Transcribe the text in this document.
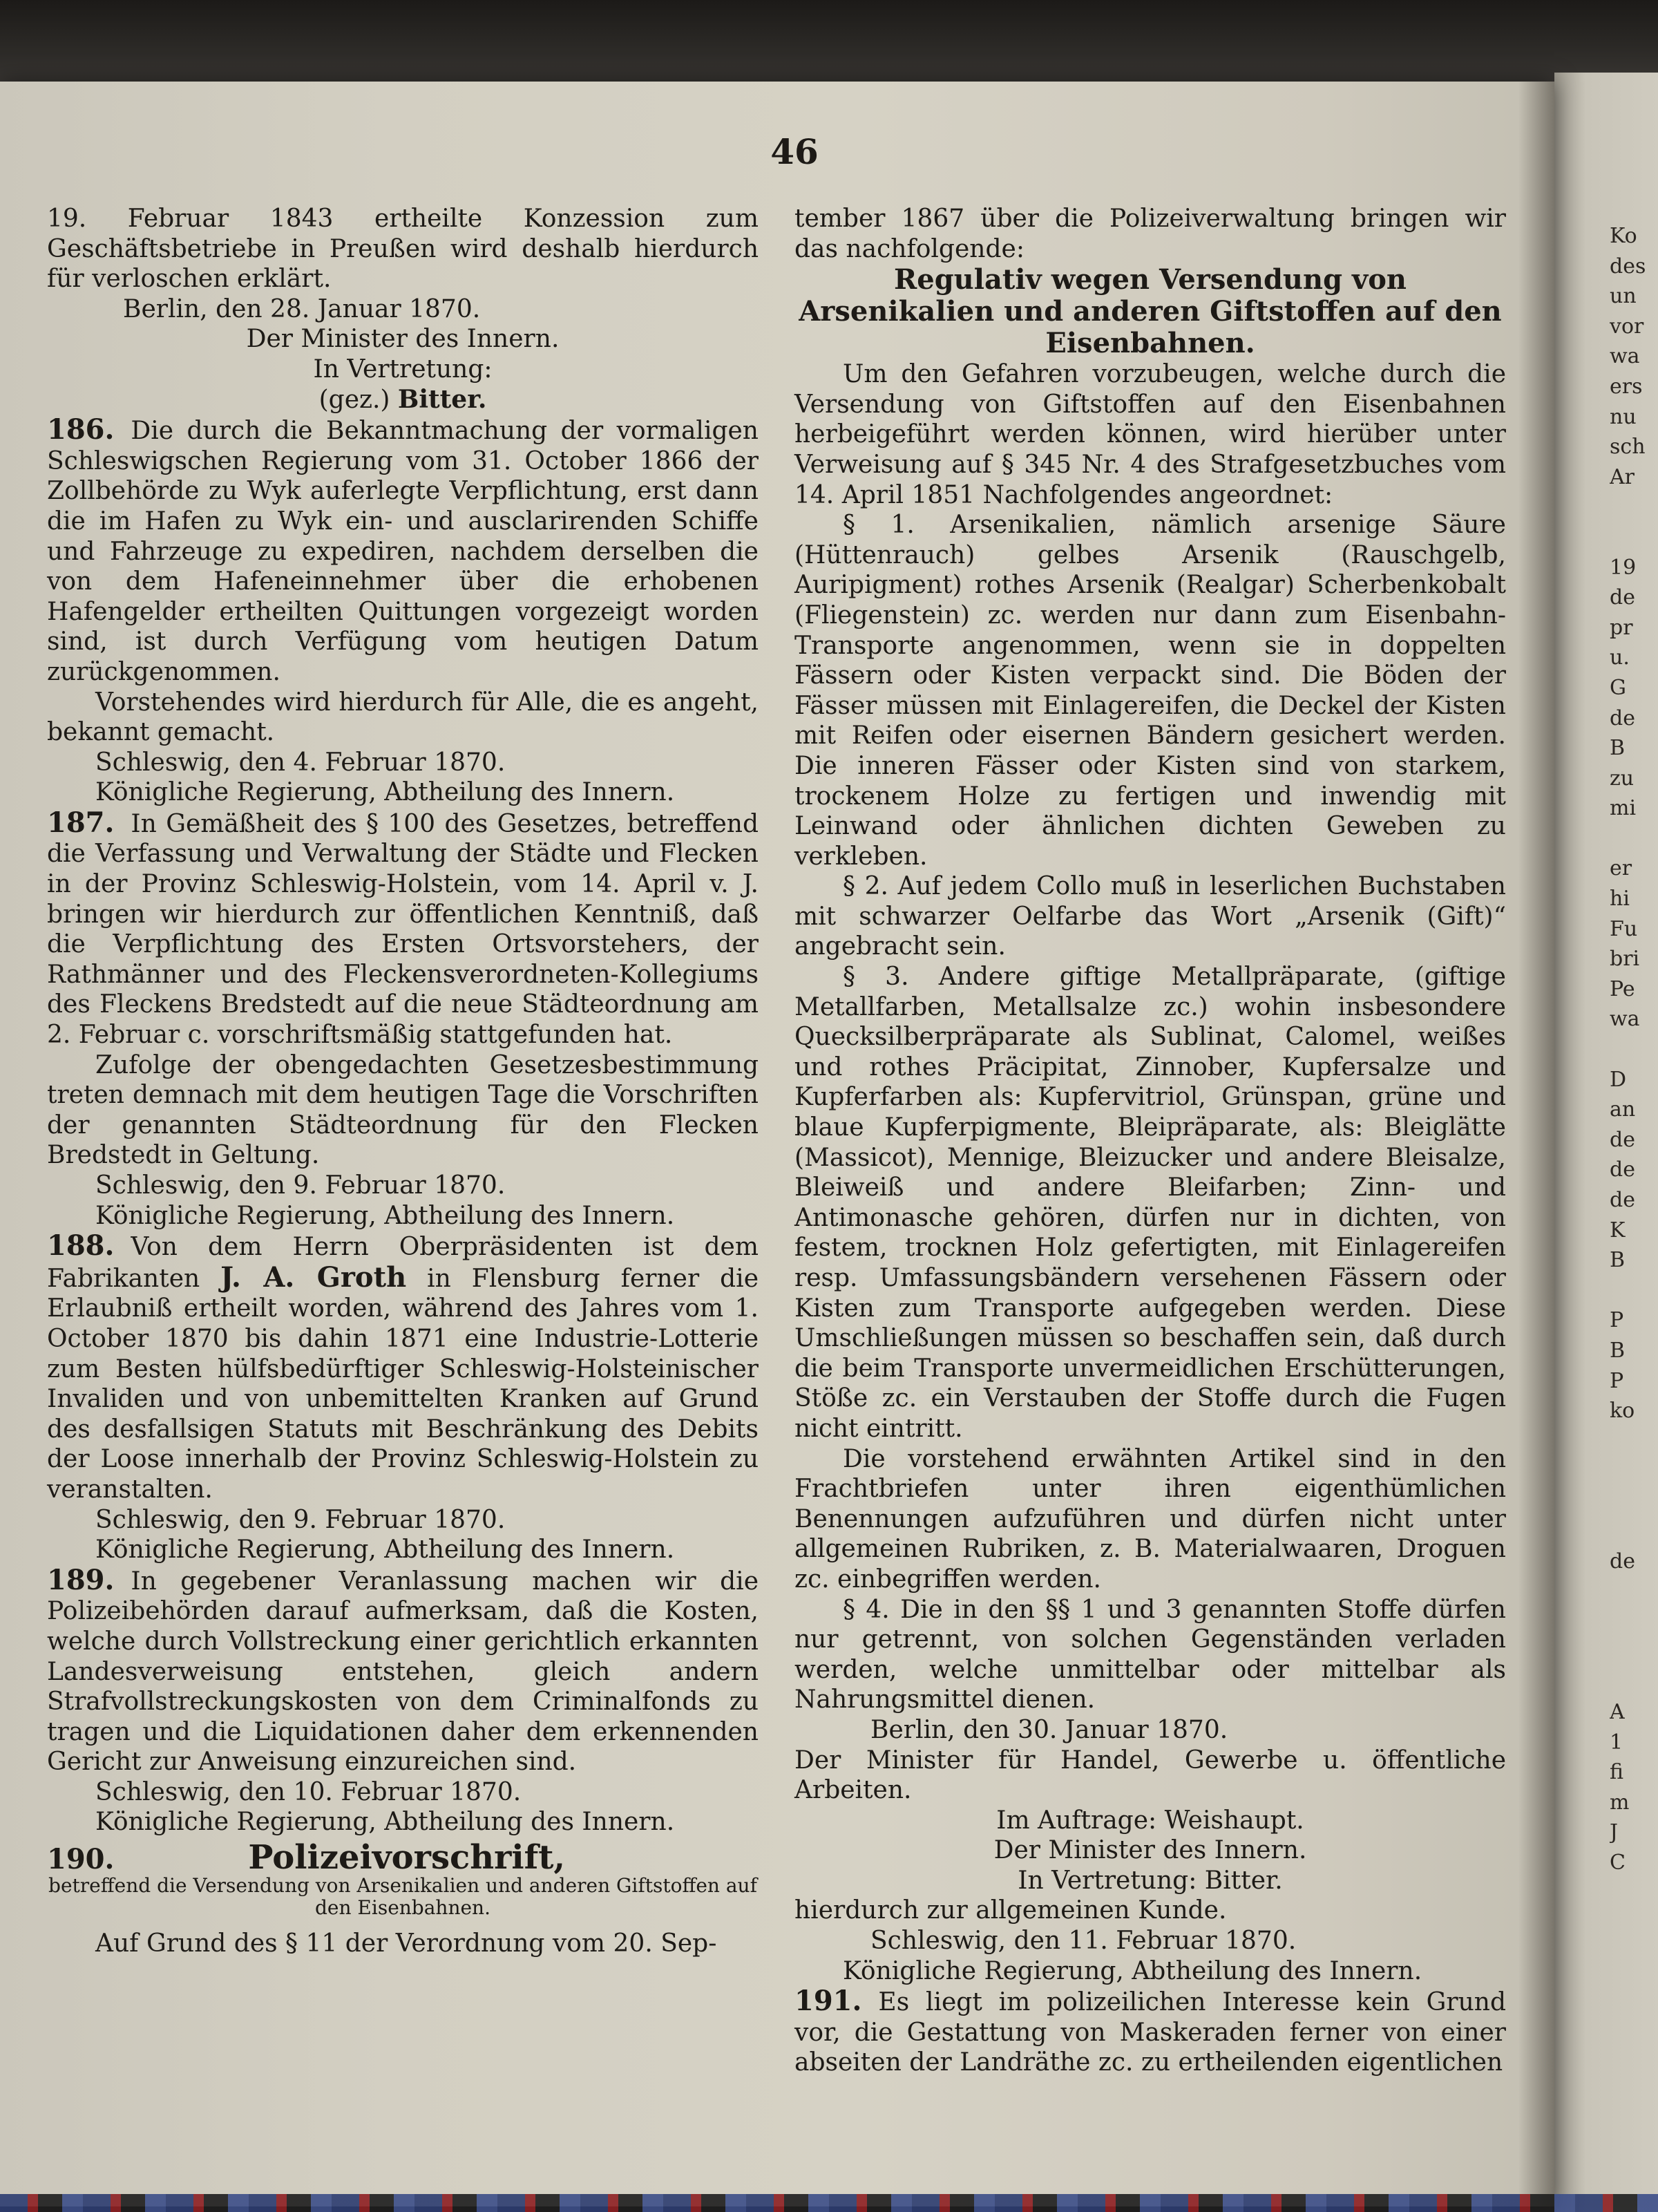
46

19. Februar 1843 ertheilte Konzession zum Geschäftsbetriebe in Preußen wird deshalb hierdurch für verloschen erklärt.

Berlin, den 28. Januar 1870.

Der Minister des Innern.

In Vertretung:

(gez.) Bitter.

186. Die durch die Bekanntmachung der vormaligen Schleswigschen Regierung vom 31. October 1866 der Zollbehörde zu Wyk auferlegte Verpflichtung, erst dann die im Hafen zu Wyk ein- und ausclarirenden Schiffe und Fahrzeuge zu expediren, nachdem derselben die von dem Hafeneinnehmer über die erhobenen Hafengelder ertheilten Quittungen vorgezeigt worden sind, ist durch Verfügung vom heutigen Datum zurückgenommen.

Vorstehendes wird hierdurch für Alle, die es angeht, bekannt gemacht.

Schleswig, den 4. Februar 1870.

Königliche Regierung, Abtheilung des Innern.

187. In Gemäßheit des § 100 des Gesetzes, betreffend die Verfassung und Verwaltung der Städte und Flecken in der Provinz Schleswig-Holstein, vom 14. April v. J. bringen wir hierdurch zur öffentlichen Kenntniß, daß die Verpflichtung des Ersten Ortsvorstehers, der Rathmänner und des Fleckensverordneten-Kollegiums des Fleckens Bredstedt auf die neue Städteordnung am 2. Februar c. vorschriftsmäßig stattgefunden hat.

Zufolge der obengedachten Gesetzesbestimmung treten demnach mit dem heutigen Tage die Vorschriften der genannten Städteordnung für den Flecken Bredstedt in Geltung.

Schleswig, den 9. Februar 1870.

Königliche Regierung, Abtheilung des Innern.

188. Von dem Herrn Oberpräsidenten ist dem Fabrikanten J. A. Groth in Flensburg ferner die Erlaubniß ertheilt worden, während des Jahres vom 1. October 1870 bis dahin 1871 eine Industrie-Lotterie zum Besten hülfsbedürftiger Schleswig-Holsteinischer Invaliden und von unbemittelten Kranken auf Grund des desfallsigen Statuts mit Beschränkung des Debits der Loose innerhalb der Provinz Schleswig-Holstein zu veranstalten.

Schleswig, den 9. Februar 1870.

Königliche Regierung, Abtheilung des Innern.

189. In gegebener Veranlassung machen wir die Polizeibehörden darauf aufmerksam, daß die Kosten, welche durch Vollstreckung einer gerichtlich erkannten Landesverweisung entstehen, gleich andern Strafvollstreckungskosten von dem Criminalfonds zu tragen und die Liquidationen daher dem erkennenden Gericht zur Anweisung einzureichen sind.

Schleswig, den 10. Februar 1870.

Königliche Regierung, Abtheilung des Innern.

190.	Polizeivorschrift,

betreffend die Versendung von Arsenikalien und anderen Giftstoffen auf den Eisenbahnen.

Auf Grund des § 11 der Verordnung vom 20. Sep-

tember 1867 über die Polizeiverwaltung bringen wir das nachfolgende:

Regulativ wegen Versendung von Arsenikalien und anderen Giftstoffen auf den Eisenbahnen.

Um den Gefahren vorzubeugen, welche durch die Versendung von Giftstoffen auf den Eisenbahnen herbeigeführt werden können, wird hierüber unter Verweisung auf § 345 Nr. 4 des Strafgesetzbuches vom 14. April 1851 Nachfolgendes angeordnet:

§ 1. Arsenikalien, nämlich arsenige Säure (Hüttenrauch) gelbes Arsenik (Rauschgelb, Auripigment) rothes Arsenik (Realgar) Scherbenkobalt (Fliegenstein) zc. werden nur dann zum Eisenbahn-Transporte angenommen, wenn sie in doppelten Fässern oder Kisten verpackt sind. Die Böden der Fässer müssen mit Einlagereifen, die Deckel der Kisten mit Reifen oder eisernen Bändern gesichert werden. Die inneren Fässer oder Kisten sind von starkem, trockenem Holze zu fertigen und inwendig mit Leinwand oder ähnlichen dichten Geweben zu verkleben.

§ 2. Auf jedem Collo muß in leserlichen Buchstaben mit schwarzer Oelfarbe das Wort „Arsenik (Gift)“ angebracht sein.

§ 3. Andere giftige Metallpräparate, (giftige Metallfarben, Metallsalze zc.) wohin insbesondere Quecksilberpräparate als Sublinat, Calomel, weißes und rothes Präcipitat, Zinnober, Kupfersalze und Kupferfarben als: Kupfervitriol, Grünspan, grüne und blaue Kupferpigmente, Bleipräparate, als: Bleiglätte (Massicot), Mennige, Bleizucker und andere Bleisalze, Bleiweiß und andere Bleifarben; Zinn- und Antimonasche gehören, dürfen nur in dichten, von festem, trocknen Holz gefertigten, mit Einlagereifen resp. Umfassungsbändern versehenen Fässern oder Kisten zum Transporte aufgegeben werden. Diese Umschließungen müssen so beschaffen sein, daß durch die beim Transporte unvermeidlichen Erschütterungen, Stöße zc. ein Verstauben der Stoffe durch die Fugen nicht eintritt.

Die vorstehend erwähnten Artikel sind in den Frachtbriefen unter ihren eigenthümlichen Benennungen aufzuführen und dürfen nicht unter allgemeinen Rubriken, z. B. Materialwaaren, Droguen zc. einbegriffen werden.

§ 4. Die in den §§ 1 und 3 genannten Stoffe dürfen nur getrennt, von solchen Gegenständen verladen werden, welche unmittelbar oder mittelbar als Nahrungsmittel dienen.

Berlin, den 30. Januar 1870.

Der Minister für Handel, Gewerbe u. öffentliche Arbeiten.

Im Auftrage: Weishaupt.

Der Minister des Innern.

In Vertretung: Bitter.

hierdurch zur allgemeinen Kunde.

Schleswig, den 11. Februar 1870.

Königliche Regierung, Abtheilung des Innern.

191. Es liegt im polizeilichen Interesse kein Grund vor, die Gestattung von Maskeraden ferner von einer abseiten der Landräthe zc. zu ertheilenden eigentlichen

Ko
des
un
vor
wa
ers
nu
sch
Ar

19
de
pr
u.
G
de
B
zu
mi

er
hi
Fu
bri
Pe
wa

D
an
de
de
de
K
B

P
B
P
ko

de

A
1
fi
m
J
C
